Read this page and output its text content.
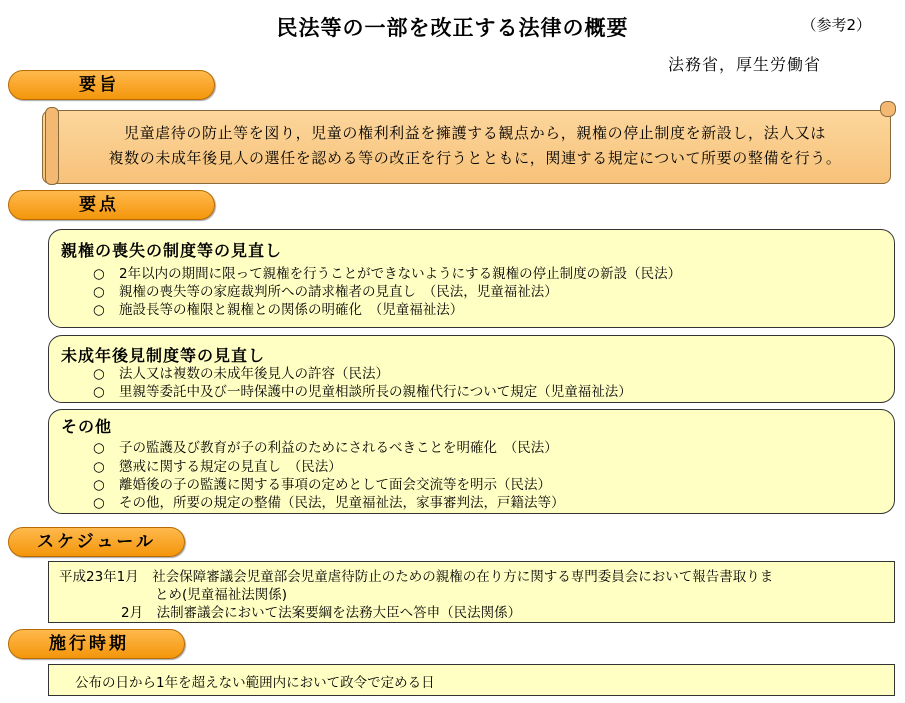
民法等の一部を改正する法律の概要	（参考2）
法務省，厚生労働省
要旨
児童虐待の防止等を図り，児童の権利利益を擁護する観点から，親権の停止制度を新設し，法人又は
複数の未成年後見人の選任を認める等の改正を行うとともに，関連する規定について所要の整備を行う。
要点
親権の喪失の制度等の見直し
○ 2年以内の期間に限って親権を行うことができないようにする親権の停止制度の新設（民法）
○ 親権の喪失等の家庭裁判所への請求権者の見直し　（民法，児童福祉法）
○ 施設長等の権限と親権との関係の明確化　（児童福祉法）
未成年後見制度等の見直し
○ 法人又は複数の未成年後見人の許容（民法）
○ 里親等委託中及び一時保護中の児童相談所長の親権代行について規定（児童福祉法）
その他
○ 子の監護及び教育が子の利益のためにされるべきことを明確化　（民法）
○ 懲戒に関する規定の見直し　（民法）
○ 離婚後の子の監護に関する事項の定めとして面会交流等を明示（民法）
○ その他，所要の規定の整備（民法，児童福祉法，家事審判法，戸籍法等）
スケジュール
平成23年1月　社会保障審議会児童部会児童虐待防止のための親権の在り方に関する専門委員会において報告書取りま
とめ(児童福祉法関係)
2月　法制審議会において法案要綱を法務大臣へ答申（民法関係）
施行時期
公布の日から1年を超えない範囲内において政令で定める日
